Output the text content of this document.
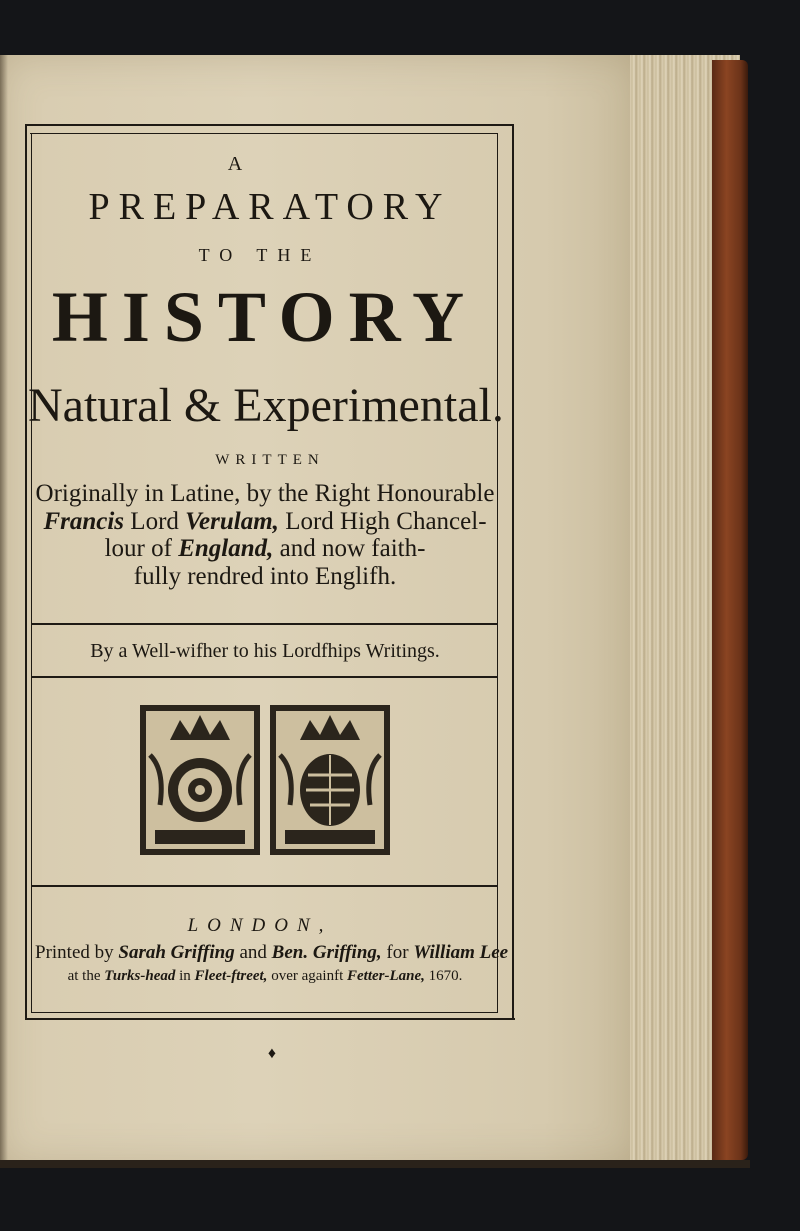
A
PREPARATORY
TO THE
HISTORY
Natural & Experimental.
WRITTEN
Originally in Latine, by the Right Honourable
Francis Lord Verulam, Lord High Chancel-
lour of England, and now faith-
fully rendred into Englifh.
By a Well-wifher to his Lordfhips Writings.
LONDON,
Printed by Sarah Griffing and Ben. Griffing, for William Lee
at the Turks-head in Fleet-ftreet, over againft Fetter-Lane, 1670.
♦
